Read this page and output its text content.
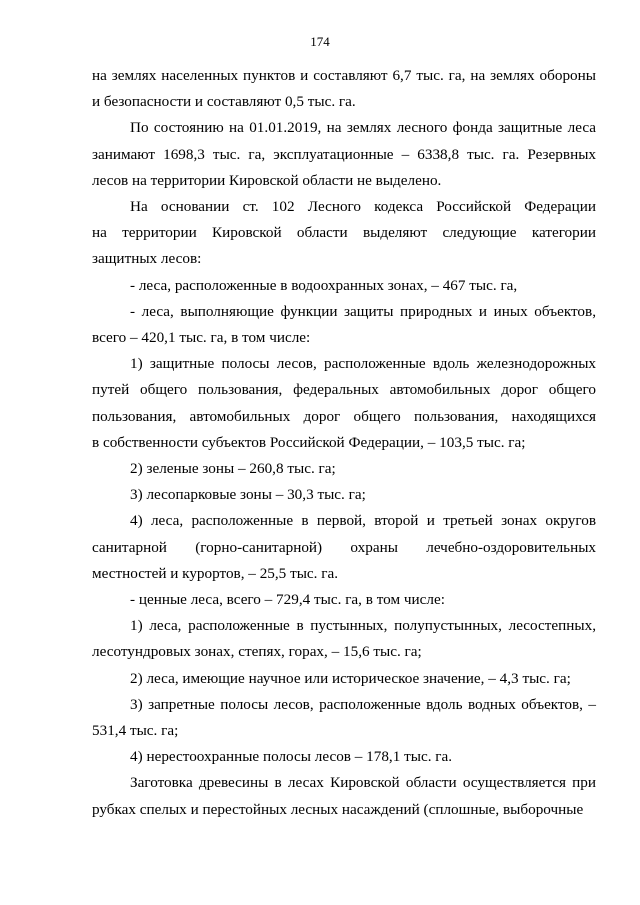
174
на землях населенных пунктов и составляют 6,7 тыс. га, на землях обороны
и безопасности и составляют 0,5 тыс. га.
По состоянию на 01.01.2019, на землях лесного фонда защитные леса
занимают 1698,3 тыс. га, эксплуатационные – 6338,8 тыс. га. Резервных
лесов на территории Кировской области не выделено.
На основании ст. 102 Лесного кодекса Российской Федерации
на территории Кировской области выделяют следующие категории
защитных лесов:
- леса, расположенные в водоохранных зонах, – 467 тыс. га,
- леса, выполняющие функции защиты природных и иных объектов,
всего – 420,1 тыс. га, в том числе:
1) защитные полосы лесов, расположенные вдоль железнодорожных
путей общего пользования, федеральных автомобильных дорог общего
пользования, автомобильных дорог общего пользования, находящихся
в собственности субъектов Российской Федерации, – 103,5 тыс. га;
2) зеленые зоны – 260,8 тыс. га;
3) лесопарковые зоны – 30,3 тыс. га;
4) леса, расположенные в первой, второй и третьей зонах округов
санитарной (горно-санитарной) охраны лечебно-оздоровительных
местностей и курортов, – 25,5 тыс. га.
- ценные леса, всего – 729,4 тыс. га, в том числе:
1) леса, расположенные в пустынных, полупустынных, лесостепных,
лесотундровых зонах, степях, горах, – 15,6 тыс. га;
2) леса, имеющие научное или историческое значение, – 4,3 тыс. га;
3) запретные полосы лесов, расположенные вдоль водных объектов, –
531,4 тыс. га;
4) нерестоохранные полосы лесов – 178,1 тыс. га.
Заготовка древесины в лесах Кировской области осуществляется при
рубках спелых и перестойных лесных насаждений (сплошные, выборочные
